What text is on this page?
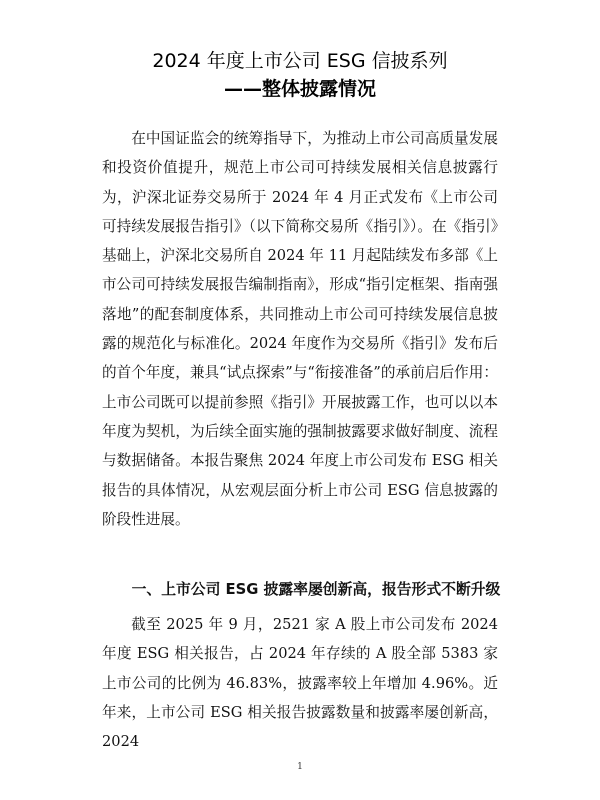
2024 年度上市公司 ESG 信披系列
——整体披露情况

在中国证监会的统筹指导下，为推动上市公司高质量发展和投资价值提升，规范上市公司可持续发展相关信息披露行为，沪深北证券交易所于 2024 年 4 月正式发布《上市公司可持续发展报告指引》（以下简称交易所《指引》）。在《指引》基础上，沪深北交易所自 2024 年 11 月起陆续发布多部《上市公司可持续发展报告编制指南》，形成“指引定框架、指南强落地”的配套制度体系，共同推动上市公司可持续发展信息披露的规范化与标准化。2024 年度作为交易所《指引》发布后的首个年度，兼具“试点探索”与“衔接准备”的承前启后作用：上市公司既可以提前参照《指引》开展披露工作，也可以以本年度为契机，为后续全面实施的强制披露要求做好制度、流程与数据储备。本报告聚焦 2024 年度上市公司发布 ESG 相关报告的具体情况，从宏观层面分析上市公司 ESG 信息披露的阶段性进展。

一、上市公司 ESG 披露率屡创新高，报告形式不断升级

截至 2025 年 9 月，2521 家 A 股上市公司发布 2024 年度 ESG 相关报告，占 2024 年存续的 A 股全部 5383 家上市公司的比例为 46.83%，披露率较上年增加 4.96%。近年来，上市公司 ESG 相关报告披露数量和披露率屡创新高，2024

1
